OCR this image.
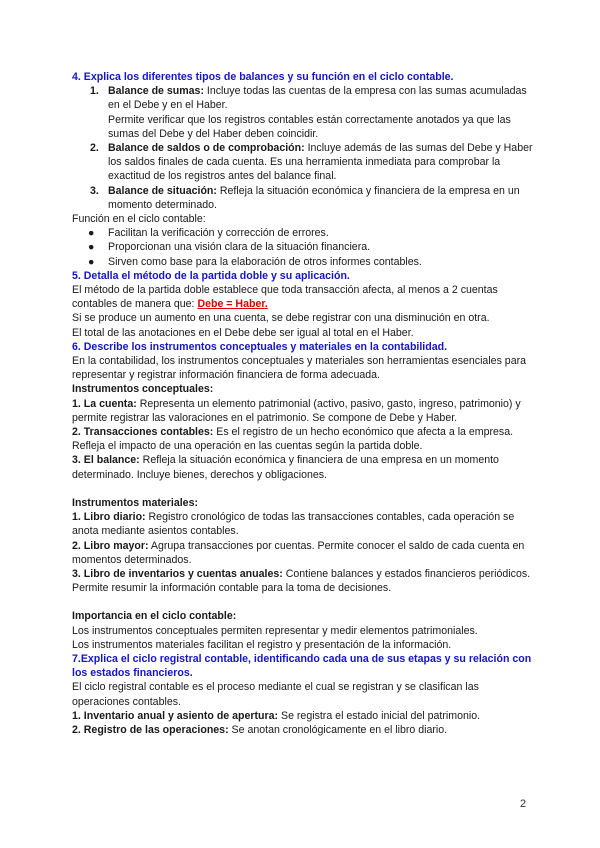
4. Explica los diferentes tipos de balances y su función en el ciclo contable.

1. Balance de sumas: Incluye todas las cuentas de la empresa con las sumas acumuladas en el Debe y en el Haber.
Permite verificar que los registros contables están correctamente anotados ya que las sumas del Debe y del Haber deben coincidir.
2. Balance de saldos o de comprobación: Incluye además de las sumas del Debe y Haber los saldos finales de cada cuenta. Es una herramienta inmediata para comprobar la exactitud de los registros antes del balance final.
3. Balance de situación: Refleja la situación económica y financiera de la empresa en un momento determinado.

Función en el ciclo contable:

● Facilitan la verificación y corrección de errores.
● Proporcionan una visión clara de la situación financiera.
● Sirven como base para la elaboración de otros informes contables.

5. Detalla el método de la partida doble y su aplicación.

El método de la partida doble establece que toda transacción afecta, al menos a 2 cuentas contables de manera que: Debe = Haber.

Si se produce un aumento en una cuenta, se debe registrar con una disminución en otra.

El total de las anotaciones en el Debe debe ser igual al total en el Haber.

6. Describe los instrumentos conceptuales y materiales en la contabilidad.

En la contabilidad, los instrumentos conceptuales y materiales son herramientas esenciales para representar y registrar información financiera de forma adecuada.

Instrumentos conceptuales:

1. La cuenta: Representa un elemento patrimonial (activo, pasivo, gasto, ingreso, patrimonio) y permite registrar las valoraciones en el patrimonio. Se compone de Debe y Haber.

2. Transacciones contables: Es el registro de un hecho económico que afecta a la empresa. Refleja el impacto de una operación en las cuentas según la partida doble.

3. El balance: Refleja la situación económica y financiera de una empresa en un momento determinado. Incluye bienes, derechos y obligaciones.

Instrumentos materiales:

1. Libro diario: Registro cronológico de todas las transacciones contables, cada operación se anota mediante asientos contables.

2. Libro mayor: Agrupa transacciones por cuentas. Permite conocer el saldo de cada cuenta en momentos determinados.

3. Libro de inventarios y cuentas anuales: Contiene balances y estados financieros periódicos. Permite resumir la información contable para la toma de decisiones.

Importancia en el ciclo contable:

Los instrumentos conceptuales permiten representar y medir elementos patrimoniales.

Los instrumentos materiales facilitan el registro y presentación de la información.

7.Explica el ciclo registral contable, identificando cada una de sus etapas y su relación con los estados financieros.

El ciclo registral contable es el proceso mediante el cual se registran y se clasifican las operaciones contables.

1. Inventario anual y asiento de apertura: Se registra el estado inicial del patrimonio.

2. Registro de las operaciones: Se anotan cronológicamente en el libro diario.

2
